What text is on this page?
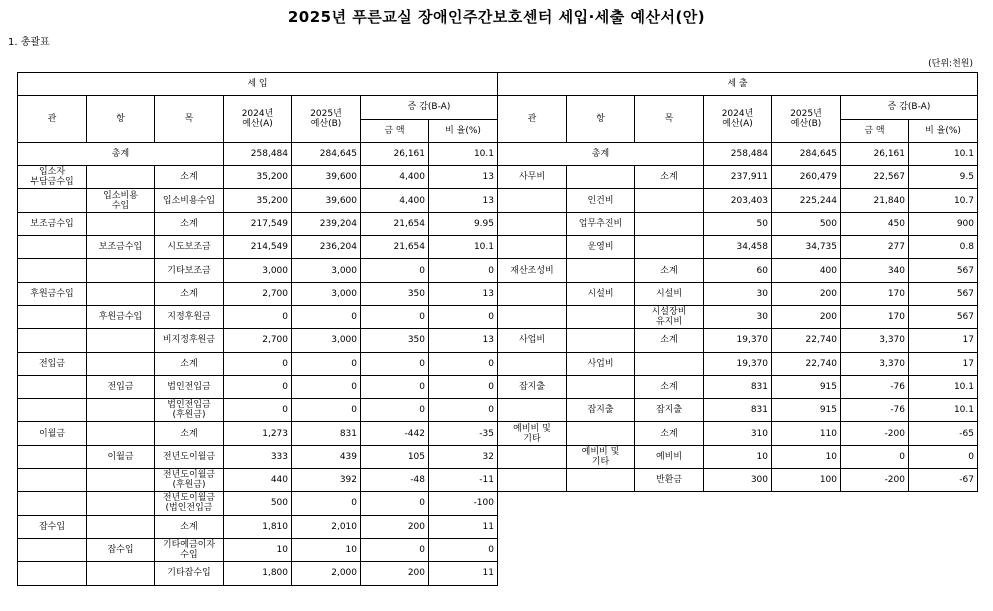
2025년 푸른교실 장애인주간보호센터 세입·세출 예산서(안)
1. 총괄표
(단위:천원)
세 입						
관	항	목	2024년
예산(A)	2025년
예산(B)	증 감(B-A)	
					금 액	비 율(%)
총계			258,484	284,645	26,161	10.1
입소자
부담금수입		소계	35,200	39,600	4,400	13
	입소비용
수입	입소비용수입	35,200	39,600	4,400	13
보조금수입		소계	217,549	239,204	21,654	9.95
	보조금수입	시도보조금	214,549	236,204	21,654	10.1
		기타보조금	3,000	3,000	0	0
후원금수입		소계	2,700	3,000	350	13
	후원금수입	지정후원금	0	0	0	0
		비지정후원금	2,700	3,000	350	13
전입금		소계	0	0	0	0
	전입금	법인전입금	0	0	0	0
		법인전입금
(후원금)	0	0	0	0
이월금		소계	1,273	831	-442	-35
	이월금	전년도이월금	333	439	105	32
		전년도이월금
(후원금)	440	392	-48	-11
		전년도이월금
(법인전입금	500	0	0	-100
잡수입		소계	1,810	2,010	200	11
	잡수입	기타예금이자
수입	10	10	0	0
		기타잡수입	1,800	2,000	200	11
세 출						
관	항	목	2024년
예산(A)	2025년
예산(B)	증 감(B-A)	
					금 액	비 율(%)
총계			258,484	284,645	26,161	10.1
사무비		소계	237,911	260,479	22,567	9.5
	인건비		203,403	225,244	21,840	10.7
	업무추진비		50	500	450	900
	운영비		34,458	34,735	277	0.8
재산조성비		소계	60	400	340	567
	시설비	시설비	30	200	170	567
		시설장비
유지비	30	200	170	567
사업비		소계	19,370	22,740	3,370	17
	사업비		19,370	22,740	3,370	17
잡지출		소계	831	915	-76	10.1
	잡지출	잡지출	831	915	-76	10.1
예비비 및
기타		소계	310	110	-200	-65
	예비비 및
기타	예비비	10	10	0	0
		반환금	300	100	-200	-67
